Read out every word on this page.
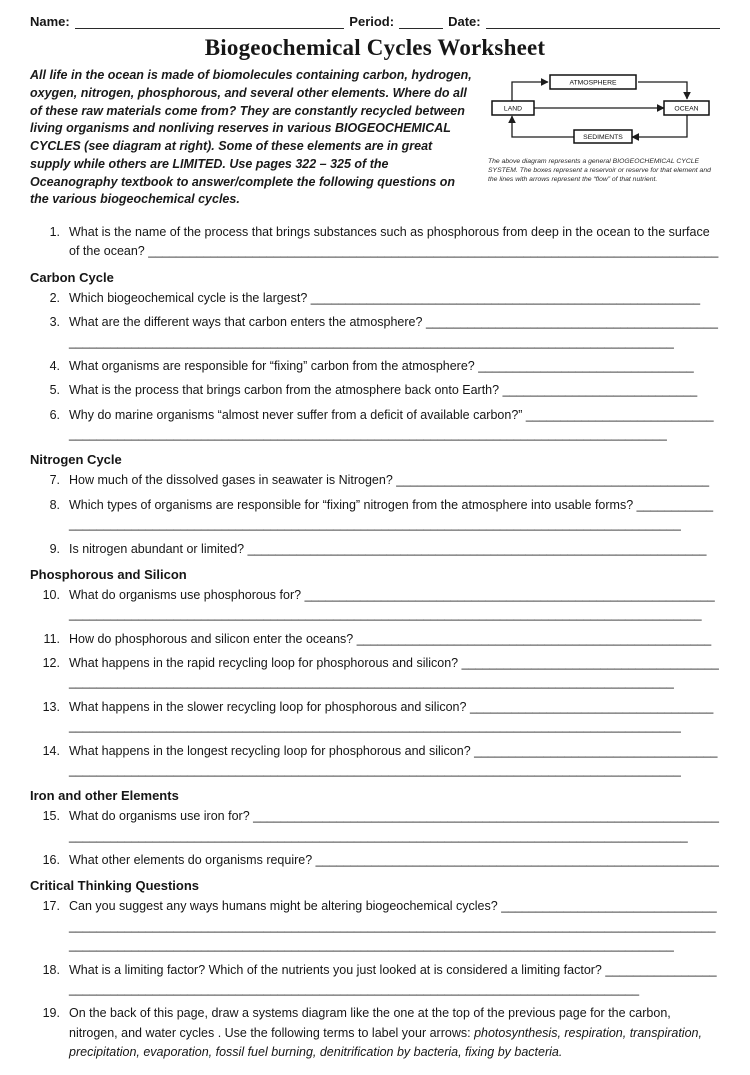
Name:	Period:	Date:
Biogeochemical Cycles Worksheet
All life in the ocean is made of biomolecules containing carbon, hydrogen, oxygen, nitrogen, phosphorous, and several other elements. Where do all of these raw materials come from? They are constantly recycled between living organisms and nonliving reserves in various BIOGEOCHEMICAL CYCLES (see diagram at right). Some of these elements are in great supply while others are LIMITED. Use pages 322 – 325 of the Oceanography textbook to answer/complete the following questions on the various biogeochemical cycles.
ATMOSPHERE
LAND	OCEAN
SEDIMENTS
The above diagram represents a general BIOGEOCHEMICAL CYCLE SYSTEM. The boxes represent a reservoir or reserve for that element and the lines with arrows represent the “flow” of that nutrient.
1. What is the name of the process that brings substances such as phosphorous from deep in the ocean to the surface of the ocean? __________________________________________________________________________________
Carbon Cycle
2. Which biogeochemical cycle is the largest? ________________________________________________________
3. What are the different ways that carbon enters the atmosphere? _________________________________________________________________________________________________________________________________
4. What organisms are responsible for “fixing” carbon from the atmosphere? _______________________________
5. What is the process that brings carbon from the atmosphere back onto Earth? ____________________________
6. Why do marine organisms “almost never suffer from a deficit of available carbon?” _________________________________________________________________________________________________________________
Nitrogen Cycle
7. How much of the dissolved gases in seawater is Nitrogen? _____________________________________________
8. Which types of organisms are responsible for “fixing” nitrogen from the atmosphere into usable forms? ___________________________________________________________________________________________________
9. Is nitrogen abundant or limited? __________________________________________________________________
Phosphorous and Silicon
10. What do organisms use phosphorous for? ______________________________________________________________________________________________________________________________________________________
11. How do phosphorous and silicon enter the oceans? ___________________________________________________
12. What happens in the rapid recycling loop for phosphorous and silicon? ____________________________________________________________________________________________________________________________
13. What happens in the slower recycling loop for phosphorous and silicon? ___________________________________________________________________________________________________________________________
14. What happens in the longest recycling loop for phosphorous and silicon? ___________________________________________________________________________________________________________________________
Iron and other Elements
15. What do organisms use iron for? ____________________________________________________________________________________________________________________________________________________________
16. What other elements do organisms require? __________________________________________________________
Critical Thinking Questions
17. Can you suggest any ways humans might be altering biogeochemical cycles? ___________________________________________________________________________________________________________________________________________________________________________________________________________________
18. What is a limiting factor? Which of the nutrients you just looked at is considered a limiting factor? __________________________________________________________________________________________________
19. On the back of this page, draw a systems diagram like the one at the top of the previous page for the carbon, nitrogen, and water cycles . Use the following terms to label your arrows: photosynthesis, respiration, transpiration, precipitation, evaporation, fossil fuel burning, denitrification by bacteria, fixing by bacteria.
